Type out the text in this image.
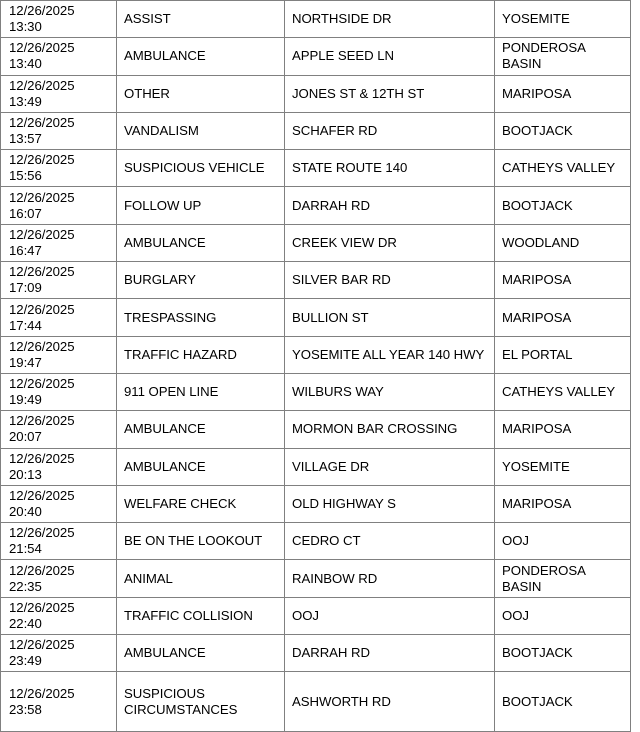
12/26/2025 13:30	ASSIST	NORTHSIDE DR	YOSEMITE
12/26/2025 13:40	AMBULANCE	APPLE SEED LN	PONDEROSA BASIN
12/26/2025 13:49	OTHER	JONES ST & 12TH ST	MARIPOSA
12/26/2025 13:57	VANDALISM	SCHAFER RD	BOOTJACK
12/26/2025 15:56	SUSPICIOUS VEHICLE	STATE ROUTE 140	CATHEYS VALLEY
12/26/2025 16:07	FOLLOW UP	DARRAH RD	BOOTJACK
12/26/2025 16:47	AMBULANCE	CREEK VIEW DR	WOODLAND
12/26/2025 17:09	BURGLARY	SILVER BAR RD	MARIPOSA
12/26/2025 17:44	TRESPASSING	BULLION ST	MARIPOSA
12/26/2025 19:47	TRAFFIC HAZARD	YOSEMITE ALL YEAR 140 HWY	EL PORTAL
12/26/2025 19:49	911 OPEN LINE	WILBURS WAY	CATHEYS VALLEY
12/26/2025 20:07	AMBULANCE	MORMON BAR CROSSING	MARIPOSA
12/26/2025 20:13	AMBULANCE	VILLAGE DR	YOSEMITE
12/26/2025 20:40	WELFARE CHECK	OLD HIGHWAY S	MARIPOSA
12/26/2025 21:54	BE ON THE LOOKOUT	CEDRO CT	OOJ
12/26/2025 22:35	ANIMAL	RAINBOW RD	PONDEROSA BASIN
12/26/2025 22:40	TRAFFIC COLLISION	OOJ	OOJ
12/26/2025 23:49	AMBULANCE	DARRAH RD	BOOTJACK
12/26/2025 23:58	SUSPICIOUS CIRCUMSTANCES	ASHWORTH RD	BOOTJACK
